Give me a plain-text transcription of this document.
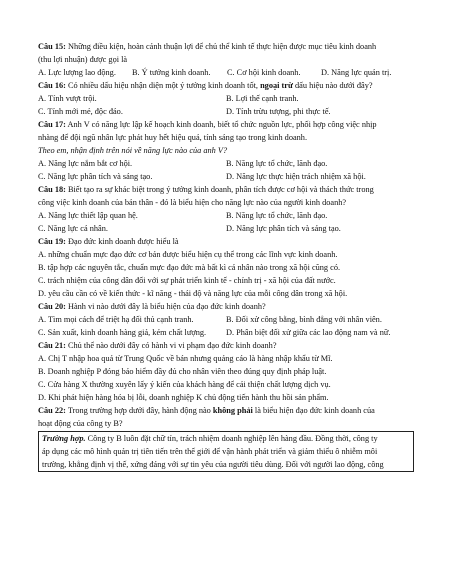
Câu 15: Những điều kiện, hoàn cảnh thuận lợi để chủ thể kinh tế thực hiện được mục tiêu kinh doanh
(thu lợi nhuận) được gọi là
A. Lực lượng lao động.	B. Ý tưởng kinh doanh.	C. Cơ hội kinh doanh.	D. Năng lực quản trị.
Câu 16: Có nhiều dấu hiệu nhận diện một ý tưởng kinh doanh tốt, ngoại trừ dấu hiệu nào dưới đây?
A. Tính vượt trội.	B. Lợi thế cạnh tranh.
C. Tính mới mẻ, độc đáo.	D. Tính trừu tượng, phi thực tế.
Câu 17: Anh V có năng lực lập kế hoạch kinh doanh, biết tổ chức nguồn lực, phối hợp công việc nhịp
nhàng để đội ngũ nhân lực phát huy hết hiệu quả, tính sáng tạo trong kinh doanh.
Theo em, nhận định trên nói về năng lực nào của anh V?
A. Năng lực nắm bắt cơ hội.	B. Năng lực tổ chức, lãnh đạo.
C. Năng lực phân tích và sáng tạo.	D. Năng lực thực hiện trách nhiệm xã hội.
Câu 18: Biết tạo ra sự khác biệt trong ý tưởng kinh doanh, phân tích được cơ hội và thách thức trong
công việc kinh doanh của bản thân - đó là biểu hiện cho năng lực nào của người kinh doanh?
A. Năng lực thiết lập quan hệ.	B. Năng lực tổ chức, lãnh đạo.
C. Năng lực cá nhân.	D. Năng lực phân tích và sáng tạo.
Câu 19: Đạo đức kinh doanh được hiểu là
A. những chuẩn mực đạo đức cơ bản được biểu hiện cụ thể trong các lĩnh vực kinh doanh.
B. tập hợp các nguyên tắc, chuẩn mực đạo đức mà bất kì cá nhân nào trong xã hội cũng có.
C. trách nhiệm của công dân đối với sự phát triển kinh tế - chính trị - xã hội của đất nước.
D. yêu cầu cần có về kiến thức - kĩ năng - thái độ và năng lực của mỗi công dân trong xã hội.
Câu 20: Hành vi nào dưới đây là biểu hiện của đạo đức kinh doanh?
A. Tìm mọi cách để triệt hạ đối thủ cạnh tranh.	B. Đối xử công bằng, bình đẳng với nhân viên.
C. Sản xuất, kinh doanh hàng giả, kém chất lượng.	D. Phân biệt đối xử giữa các lao động nam và nữ.
Câu 21: Chủ thể nào dưới đây có hành vi vi phạm đạo đức kinh doanh?
A. Chị T nhập hoa quả từ Trung Quốc về bán nhưng quảng cáo là hàng nhập khẩu từ Mĩ.
B. Doanh nghiệp P đóng bảo hiểm đầy đủ cho nhân viên theo đúng quy định pháp luật.
C. Cửa hàng X thường xuyên lấy ý kiến của khách hàng để cải thiện chất lượng dịch vụ.
D. Khi phát hiện hàng hóa bị lỗi, doanh nghiệp K chủ động tiến hành thu hồi sản phẩm.
Câu 22: Trong trường hợp dưới đây, hành động nào không phải là biểu hiện đạo đức kinh doanh của
hoạt động của công ty B?
Trường hợp. Công ty B luôn đặt chữ tín, trách nhiệm doanh nghiệp lên hàng đầu. Đồng thời, công ty
áp dụng các mô hình quản trị tiên tiến trên thế giới để vận hành phát triển và giảm thiểu ô nhiễm môi
trường, khẳng định vị thế, xứng đáng với sự tin yêu của người tiêu dùng. Đối với người lao động, công
